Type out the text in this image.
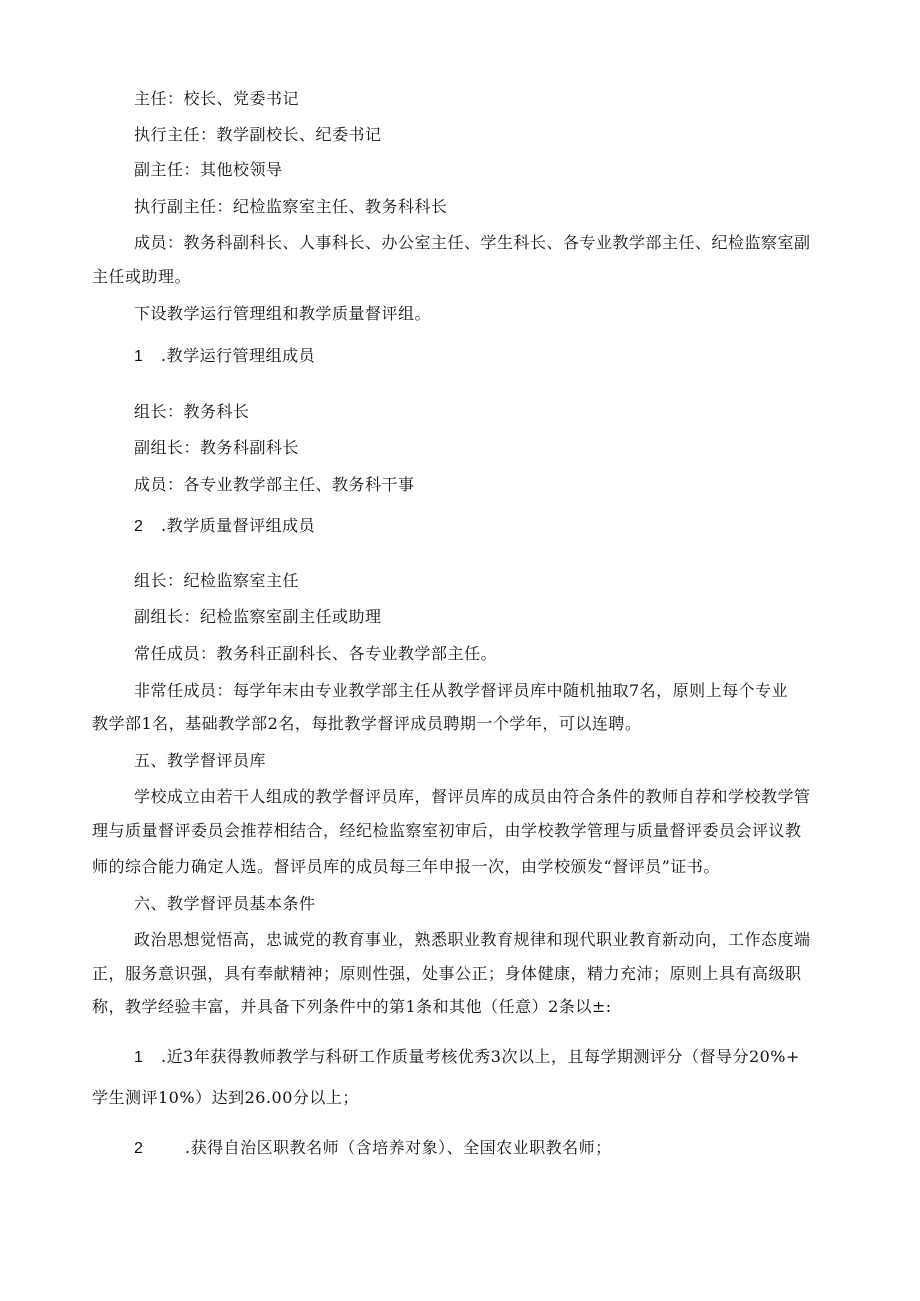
主任：校长、党委书记
执行主任：教学副校长、纪委书记
副主任：其他校领导
执行副主任：纪检监察室主任、教务科科长
成员：教务科副科长、人事科长、办公室主任、学生科长、各专业教学部主任、纪检监察室副
主任或助理。
下设教学运行管理组和教学质量督评组。
1 .教学运行管理组成员
组长：教务科长
副组长：教务科副科长
成员：各专业教学部主任、教务科干事
2 .教学质量督评组成员
组长：纪检监察室主任
副组长：纪检监察室副主任或助理
常任成员：教务科正副科长、各专业教学部主任。
非常任成员：每学年末由专业教学部主任从教学督评员库中随机抽取7名，原则上每个专业
教学部1名，基础教学部2名，每批教学督评成员聘期一个学年，可以连聘。
五、教学督评员库
学校成立由若干人组成的教学督评员库，督评员库的成员由符合条件的教师自荐和学校教学管
理与质量督评委员会推荐相结合，经纪检监察室初审后，由学校教学管理与质量督评委员会评议教
师的综合能力确定人选。督评员库的成员每三年申报一次，由学校颁发“督评员”证书。
六、教学督评员基本条件
政治思想觉悟高，忠诚党的教育事业，熟悉职业教育规律和现代职业教育新动向，工作态度端
正，服务意识强，具有奉献精神；原则性强，处事公正；身体健康，精力充沛；原则上具有高级职
称，教学经验丰富，并具备下列条件中的第1条和其他（任意）2条以±:
1 .近3年获得教师教学与科研工作质量考核优秀3次以上，且每学期测评分（督导分20%+
学生测评10%）达到26.00分以上；
2	.获得自治区职教名师（含培养对象）、全国农业职教名师；
